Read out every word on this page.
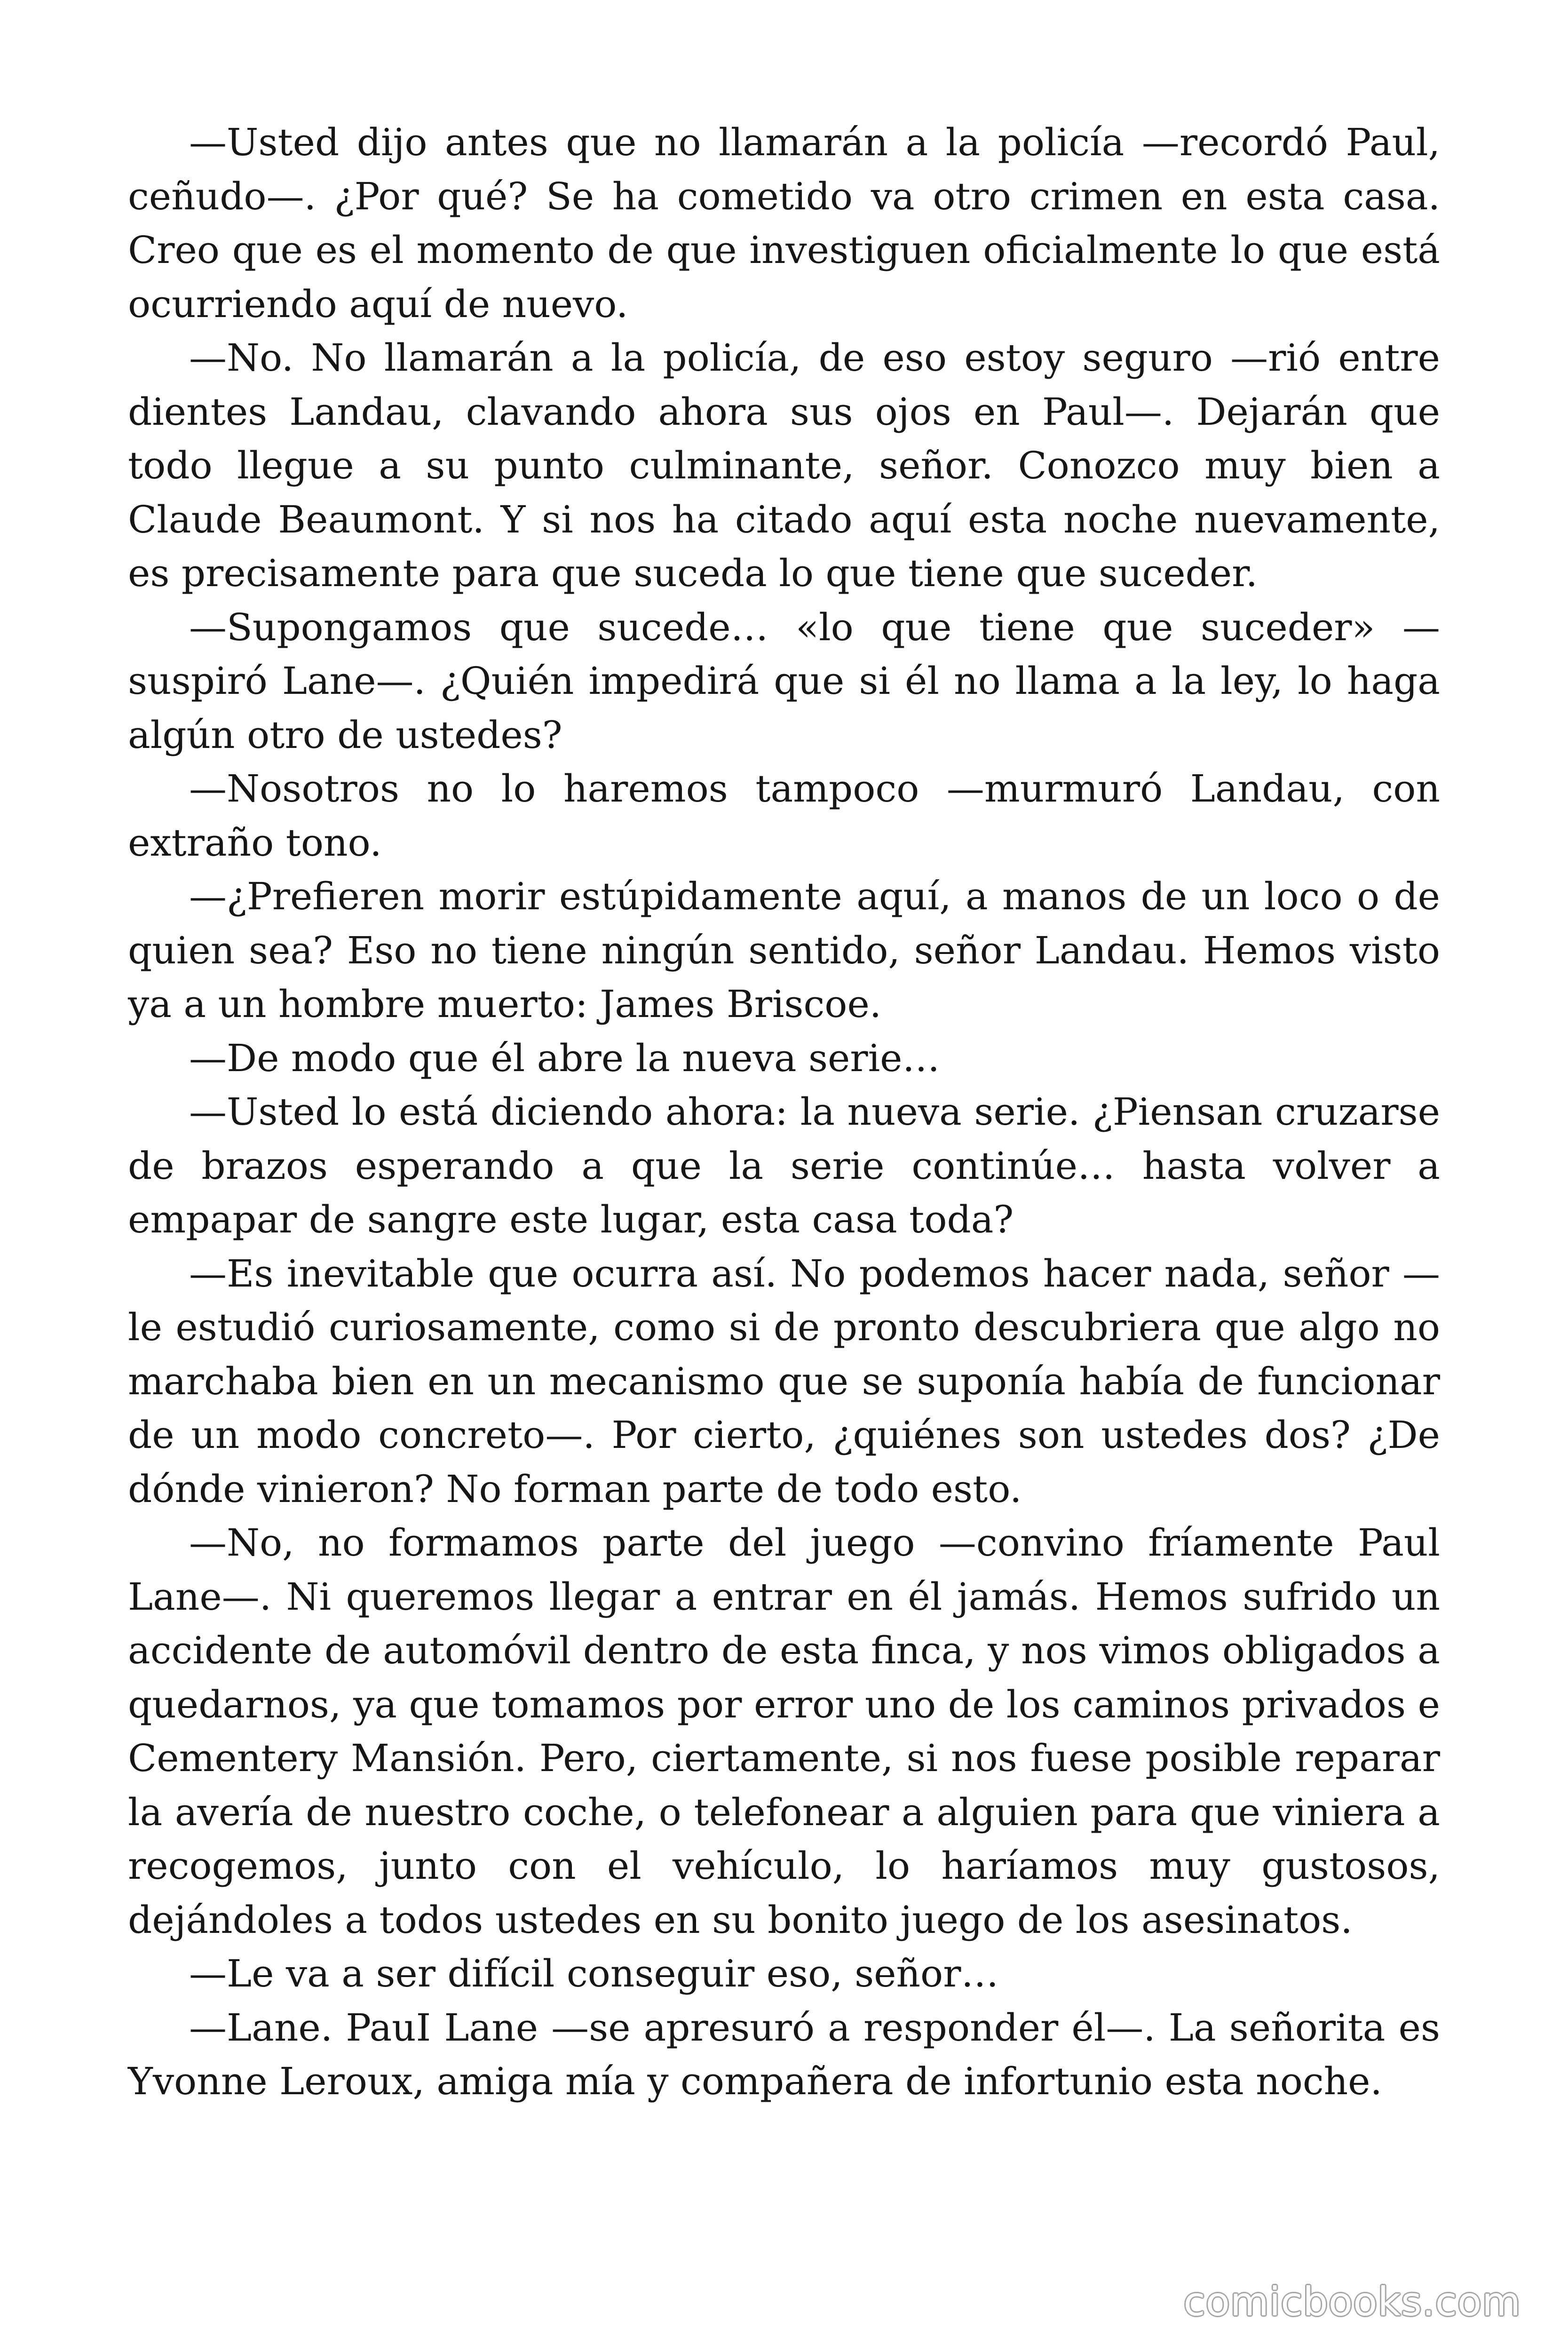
—Usted dijo antes que no llamarán a la policía —recordó Paul, ceñudo—. ¿Por qué? Se ha cometido va otro crimen en esta casa. Creo que es el momento de que investiguen oficialmente lo que está ocurriendo aquí de nuevo.

—No. No llamarán a la policía, de eso estoy seguro —rió entre dientes Landau, clavando ahora sus ojos en Paul—. Dejarán que todo llegue a su punto culminante, señor. Conozco muy bien a Claude Beaumont. Y si nos ha citado aquí esta noche nuevamente, es precisamente para que suceda lo que tiene que suceder.

—Supongamos que sucede… «lo que tiene que suceder» — suspiró Lane—. ¿Quién impedirá que si él no llama a la ley, lo haga algún otro de ustedes?

—Nosotros no lo haremos tampoco —murmuró Landau, con extraño tono.

—¿Prefieren morir estúpidamente aquí, a manos de un loco o de quien sea? Eso no tiene ningún sentido, señor Landau. Hemos visto ya a un hombre muerto: James Briscoe.

—De modo que él abre la nueva serie…

—Usted lo está diciendo ahora: la nueva serie. ¿Piensan cruzarse de brazos esperando a que la serie continúe… hasta volver a empapar de sangre este lugar, esta casa toda?

—Es inevitable que ocurra así. No podemos hacer nada, señor — le estudió curiosamente, como si de pronto descubriera que algo no marchaba bien en un mecanismo que se suponía había de funcionar de un modo concreto—. Por cierto, ¿quiénes son ustedes dos? ¿De dónde vinieron? No forman parte de todo esto.

—No, no formamos parte del juego —convino fríamente Paul Lane—. Ni queremos llegar a entrar en él jamás. Hemos sufrido un accidente de automóvil dentro de esta finca, y nos vimos obligados a quedarnos, ya que tomamos por error uno de los caminos privados e Cementery Mansión. Pero, ciertamente, si nos fuese posible reparar la avería de nuestro coche, o telefonear a alguien para que viniera a recogemos, junto con el vehículo, lo haríamos muy gustosos, dejándoles a todos ustedes en su bonito juego de los asesinatos.

—Le va a ser difícil conseguir eso, señor…

—Lane. PauI Lane —se apresuró a responder él—. La señorita es Yvonne Leroux, amiga mía y compañera de infortunio esta noche.

comicbooks.com
